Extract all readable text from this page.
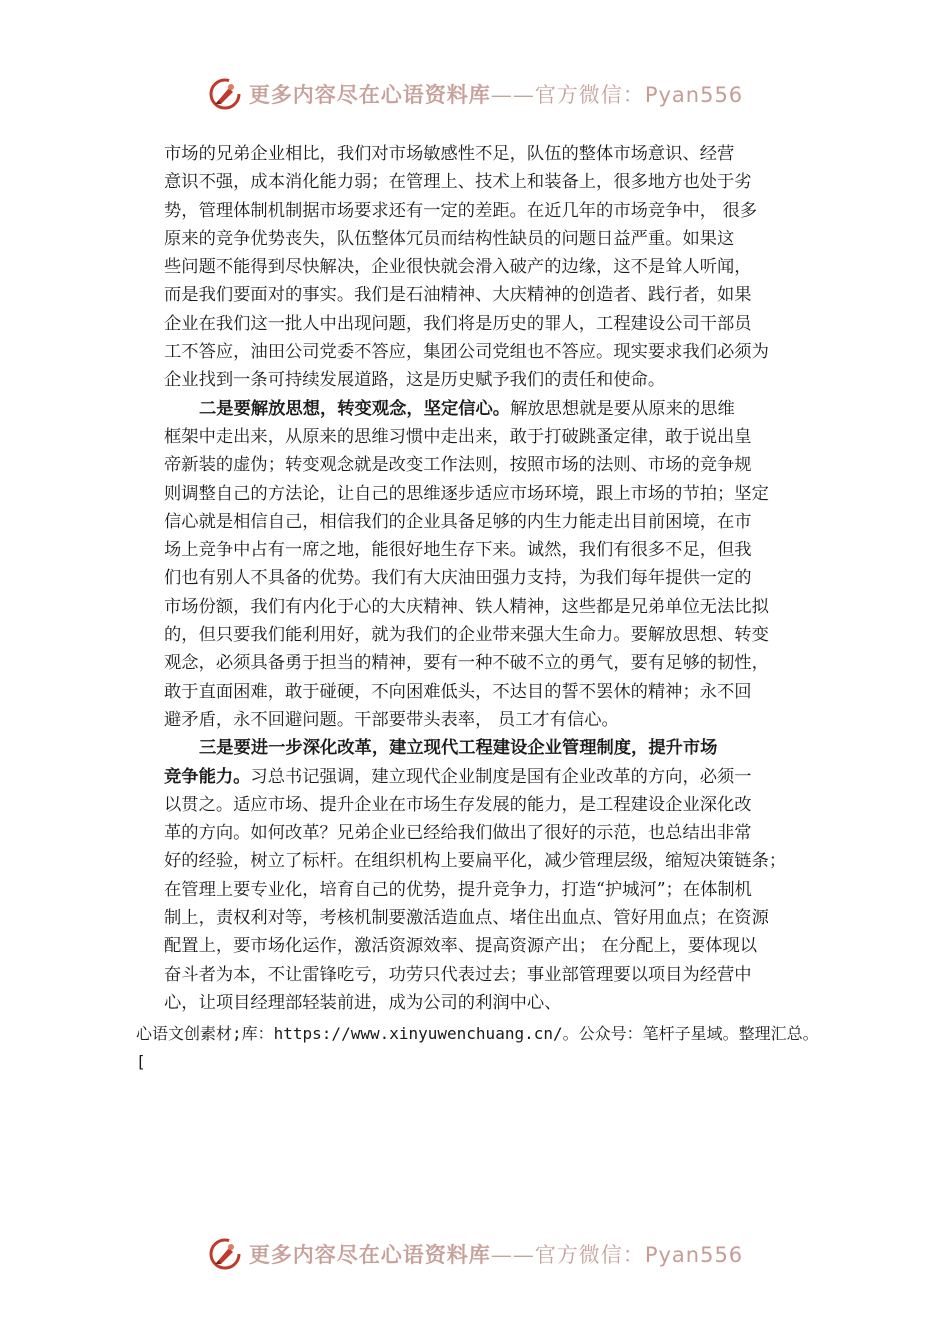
更多内容尽在心语资料库——官方微信：Pyan556
市场的兄弟企业相比，我们对市场敏感性不足，队伍的整体市场意识、经营
意识不强，成本消化能力弱；在管理上、技术上和装备上，很多地方也处于劣
势，管理体制机制据市场要求还有一定的差距。在近几年的市场竞争中， 很多
原来的竞争优势丧失，队伍整体冗员而结构性缺员的问题日益严重。如果这
些问题不能得到尽快解决，企业很快就会滑入破产的边缘，这不是耸人听闻，
而是我们要面对的事实。我们是石油精神、大庆精神的创造者、践行者，如果
企业在我们这一批人中出现问题，我们将是历史的罪人，工程建设公司干部员
工不答应，油田公司党委不答应，集团公司党组也不答应。现实要求我们必须为
企业找到一条可持续发展道路，这是历史赋予我们的责任和使命。
二是要解放思想，转变观念，坚定信心。解放思想就是要从原来的思维
框架中走出来，从原来的思维习惯中走出来，敢于打破跳蚤定律，敢于说出皇
帝新装的虚伪；转变观念就是改变工作法则，按照市场的法则、市场的竞争规
则调整自己的方法论，让自己的思维逐步适应市场环境，跟上市场的节拍；坚定
信心就是相信自己，相信我们的企业具备足够的内生力能走出目前困境，在市
场上竞争中占有一席之地，能很好地生存下来。诚然，我们有很多不足，但我
们也有别人不具备的优势。我们有大庆油田强力支持，为我们每年提供一定的
市场份额，我们有内化于心的大庆精神、铁人精神，这些都是兄弟单位无法比拟
的，但只要我们能利用好，就为我们的企业带来强大生命力。要解放思想、转变
观念，必须具备勇于担当的精神，要有一种不破不立的勇气，要有足够的韧性，
敢于直面困难，敢于碰硬，不向困难低头，不达目的誓不罢休的精神；永不回
避矛盾，永不回避问题。干部要带头表率， 员工才有信心。
三是要进一步深化改革，建立现代工程建设企业管理制度，提升市场
竞争能力。习总书记强调，建立现代企业制度是国有企业改革的方向，必须一
以贯之。适应市场、提升企业在市场生存发展的能力，是工程建设企业深化改
革的方向。如何改革？兄弟企业已经给我们做出了很好的示范，也总结出非常
好的经验，树立了标杆。在组织机构上要扁平化，减少管理层级，缩短决策链条；
在管理上要专业化，培育自己的优势，提升竞争力，打造“护城河”；在体制机
制上，责权利对等，考核机制要激活造血点、堵住出血点、管好用血点；在资源
配置上，要市场化运作，激活资源效率、提高资源产出； 在分配上，要体现以
奋斗者为本，不让雷锋吃亏，功劳只代表过去；事业部管理要以项目为经营中
心，让项目经理部轻装前进，成为公司的利润中心、
心语文创素材;库：https://www.xinyuwenchuang.cn/。公众号：笔杆子星域。整理汇总。
[
更多内容尽在心语资料库——官方微信：Pyan556
